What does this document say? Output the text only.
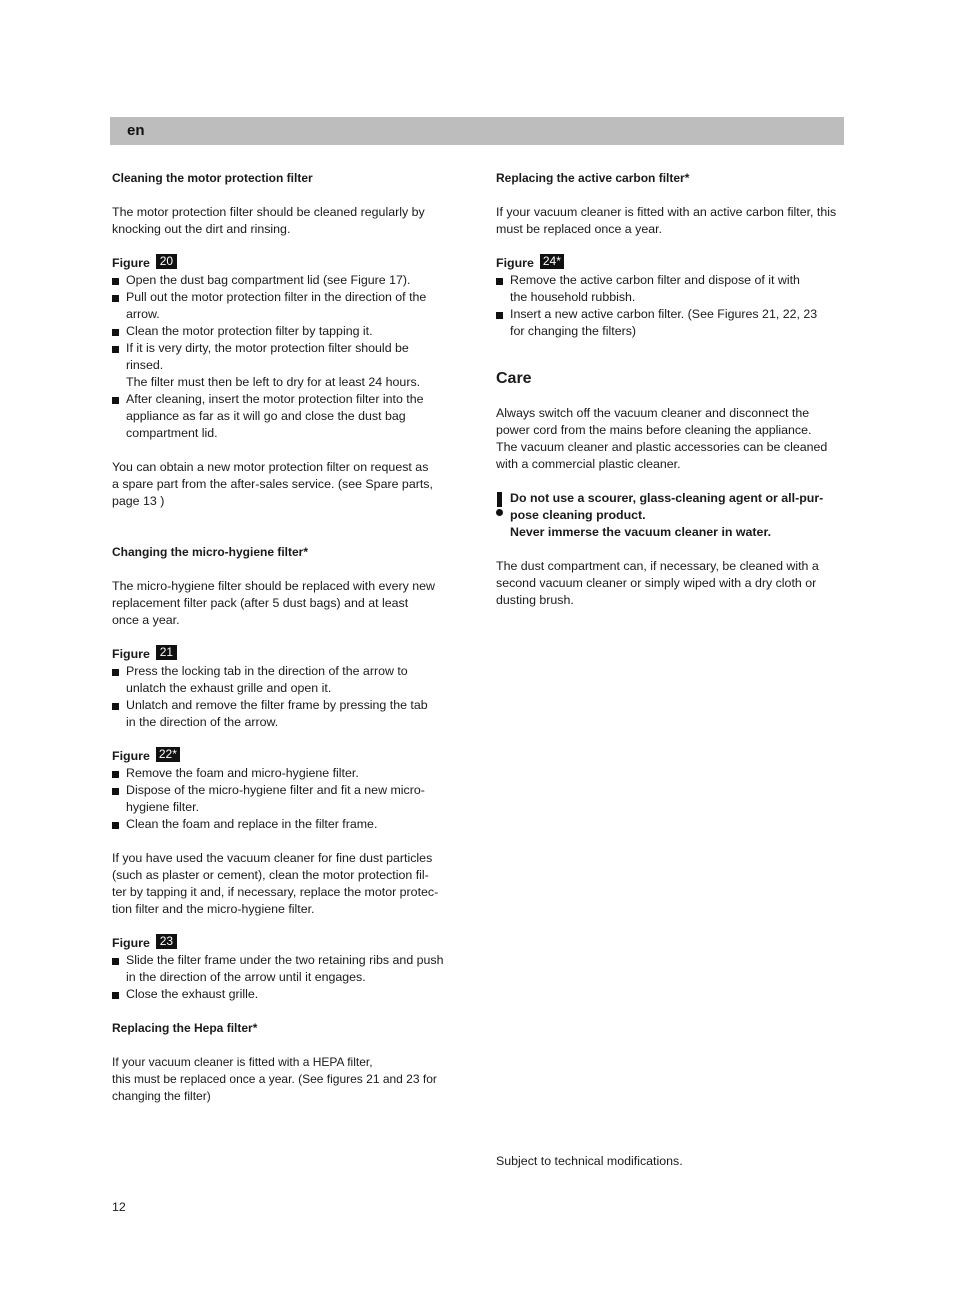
en
Cleaning the motor protection filter

The motor protection filter should be cleaned regularly by
knocking out the dirt and rinsing.

Figure 20
Open the dust bag compartment lid (see Figure 17).
Pull out the motor protection filter in the direction of the
arrow.
Clean the motor protection filter by tapping it.
If it is very dirty, the motor protection filter should be
rinsed.

The filter must then be left to dry for at least 24 hours.

After cleaning, insert the motor protection filter into the
appliance as far as it will go and close the dust bag
compartment lid.

You can obtain a new motor protection filter on request as
a spare part from the after-sales service. (see Spare parts,
page 13 )

Changing the micro-hygiene filter*

The micro-hygiene filter should be replaced with every new
replacement filter pack (after 5 dust bags) and at least
once a year.

Figure 21
Press the locking tab in the direction of the arrow to
unlatch the exhaust grille and open it.
Unlatch and remove the filter frame by pressing the tab
in the direction of the arrow.
Figure 22*
Remove the foam and micro-hygiene filter.
Dispose of the micro-hygiene filter and fit a new micro-
hygiene filter.
Clean the foam and replace in the filter frame.

If you have used the vacuum cleaner for fine dust particles
(such as plaster or cement), clean the motor protection fil-
ter by tapping it and, if necessary, replace the motor protec-
tion filter and the micro-hygiene filter.

Figure 23
Slide the filter frame under the two retaining ribs and push
in the direction of the arrow until it engages.
Close the exhaust grille.
Replacing the Hepa filter*

If your vacuum cleaner is fitted with a HEPA filter,
this must be replaced once a year. (See figures 21 and 23 for
changing the filter)

Replacing the active carbon filter*

If your vacuum cleaner is fitted with an active carbon filter, this
must be replaced once a year.

Figure 24*
Remove the active carbon filter and dispose of it with
the household rubbish.
Insert a new active carbon filter. (See Figures 21, 22, 23
for changing the filters)
Care

Always switch off the vacuum cleaner and disconnect the
power cord from the mains before cleaning the appliance.
The vacuum cleaner and plastic accessories can be cleaned
with a commercial plastic cleaner.

Do not use a scourer, glass-cleaning agent or all-pur-
pose cleaning product.
Never immerse the vacuum cleaner in water.

The dust compartment can, if necessary, be cleaned with a
second vacuum cleaner or simply wiped with a dry cloth or
dusting brush.

Subject to technical modifications.

12
